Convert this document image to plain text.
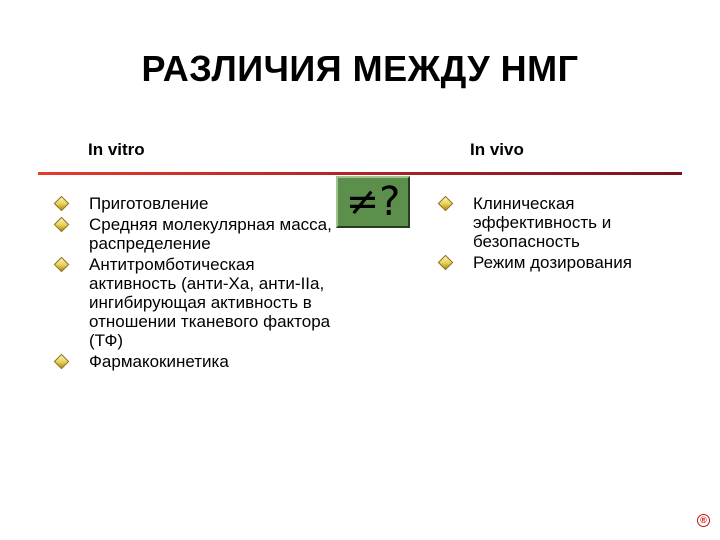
РАЗЛИЧИЯ МЕЖДУ НМГ
In vitro	In vivo
Приготовление
Средняя молекулярная масса, распределение
Антитромботическая активность (анти-Ха, анти-IIa, ингибирующая активность в отношении тканевого фактора (ТФ)
Фармакокинетика
≠?	Клиническая эффективность и безопасность
Режим дозирования
®
